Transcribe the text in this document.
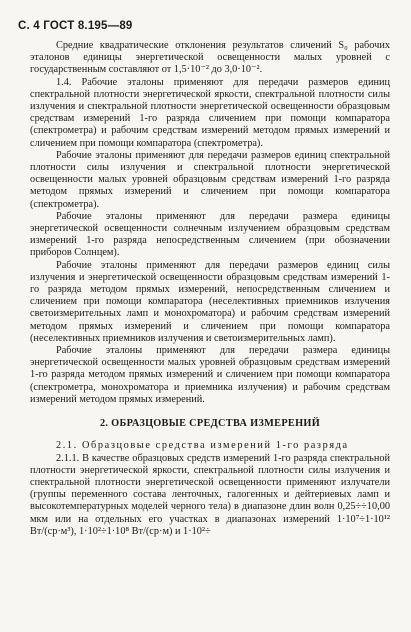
С. 4 ГОСТ 8.195—89

Средние квадратические отклонения результатов сличений S₀ рабочих эталонов единицы энергетической освещенности малых уровней с государственным составляют от 1,5·10⁻² до 3,0·10⁻².

1.4. Рабочие эталоны применяют для передачи размеров единиц спектральной плотности энергетической яркости, спектральной плотности силы излучения и спектральной плотности энергетической освещенности образцовым средствам измерений 1-го разряда сличением при помощи компаратора (спектрометра) и рабочим средствам измерений методом прямых измерений и сличением при помощи компаратора (спектрометра).

Рабочие эталоны применяют для передачи размеров единиц спектральной плотности силы излучения и спектральной плотности энергетической освещенности малых уровней образцовым средствам измерений 1-го разряда методом прямых измерений и сличением при помощи компаратора (спектрометра).

Рабочие эталоны применяют для передачи размера единицы энергетической освещенности солнечным излучением образцовым средствам измерений 1-го разряда непосредственным сличением (при обозначении приборов Солнцем).

Рабочие эталоны применяют для передачи размеров единиц силы излучения и энергетической освещенности образцовым средствам измерений 1-го разряда методом прямых измерений, непосредственным сличением и сличением при помощи компаратора (неселективных приемников излучения светоизмерительных ламп и монохроматора) и рабочим средствам измерений методом прямых измерений и сличением при помощи компаратора (неселективных приемников излучения и светоизмерительных ламп).

Рабочие эталоны применяют для передачи размера единицы энергетической освещенности малых уровней образцовым средствам измерений 1-го разряда методом прямых измерений и сличением при помощи компаратора (спектрометра, монохроматора и приемника излучения) и рабочим средствам измерений методом прямых измерений.

2. ОБРАЗЦОВЫЕ СРЕДСТВА ИЗМЕРЕНИЙ

2.1. Образцовые средства измерений 1-го разряда

2.1.1. В качестве образцовых средств измерений 1-го разряда спектральной плотности энергетической яркости, спектральной плотности силы излучения и спектральной плотности энергетической освещенности применяют излучатели (группы переменного состава ленточных, галогенных и дейтериевых ламп и высокотемпературных моделей черного тела) в диапазоне длин волн 0,25÷÷10,00 мкм или на отдельных его участках в диапазонах измерений 1·10⁷÷1·10¹² Вт/(ср·м³), 1·10²÷1·10⁸ Вт/(ср·м) и 1·10²÷
